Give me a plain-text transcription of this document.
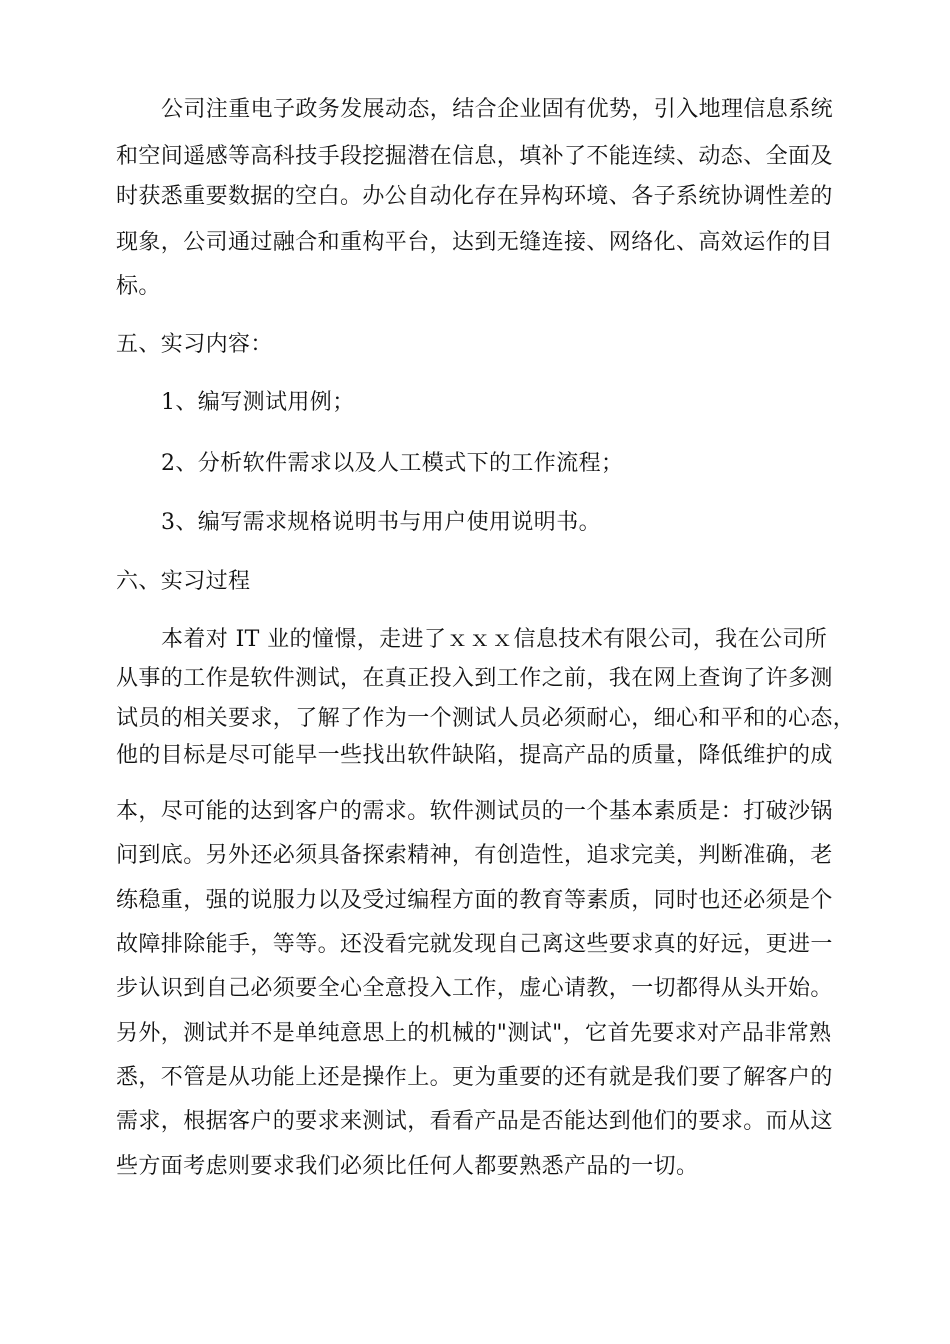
公司注重电子政务发展动态，结合企业固有优势，引入地理信息系统
和空间遥感等高科技手段挖掘潜在信息，填补了不能连续、动态、全面及
时获悉重要数据的空白。办公自动化存在异构环境、各子系统协调性差的
现象，公司通过融合和重构平台，达到无缝连接、网络化、高效运作的目
标。
五、实习内容：
1、编写测试用例；
2、分析软件需求以及人工模式下的工作流程；
3、编写需求规格说明书与用户使用说明书。
六、实习过程
本着对 IT 业的憧憬，走进了ｘｘｘ信息技术有限公司，我在公司所
从事的工作是软件测试，在真正投入到工作之前，我在网上查询了许多测
试员的相关要求，了解了作为一个测试人员必须耐心，细心和平和的心态，
他的目标是尽可能早一些找出软件缺陷，提高产品的质量，降低维护的成
本，尽可能的达到客户的需求。软件测试员的一个基本素质是：打破沙锅
问到底。另外还必须具备探索精神，有创造性，追求完美，判断准确，老
练稳重，强的说服力以及受过编程方面的教育等素质，同时也还必须是个
故障排除能手，等等。还没看完就发现自己离这些要求真的好远，更进一
步认识到自己必须要全心全意投入工作，虚心请教，一切都得从头开始。
另外，测试并不是单纯意思上的机械的"测试"，它首先要求对产品非常熟
悉，不管是从功能上还是操作上。更为重要的还有就是我们要了解客户的
需求，根据客户的要求来测试，看看产品是否能达到他们的要求。而从这
些方面考虑则要求我们必须比任何人都要熟悉产品的一切。
